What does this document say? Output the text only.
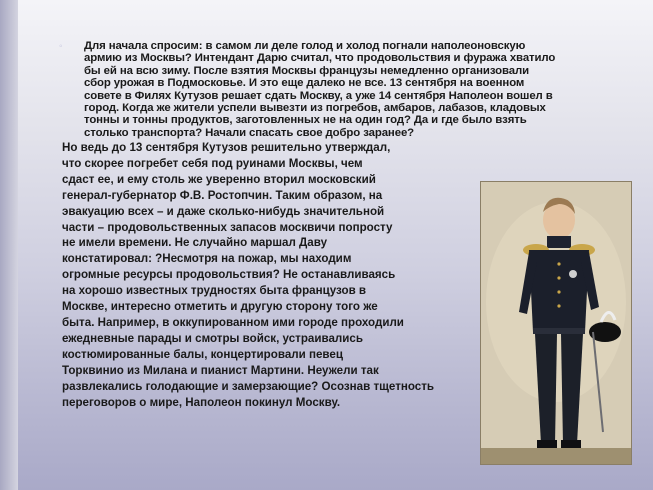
◦	Для начала спросим: в самом ли деле голод и холод погнали наполеоновскую
армию из Москвы? Интендант Дарю считал, что продовольствия и фуража хватило
бы ей на всю зиму. После взятия Москвы французы немедленно организовали
сбор урожая в Подмосковье. И это еще далеко не все. 13 сентября на военном
совете в Филях Кутузов решает сдать Москву, а уже 14 сентября Наполеон вошел в
город. Когда же жители успели вывезти из погребов, амбаров, лабазов, кладовых
тонны и тонны продуктов, заготовленных не на один год? Да и где было взять
столько транспорта? Начали спасать свое добро заранее?
Но ведь до 13 сентября Кутузов решительно утверждал,
что скорее погребет себя под руинами Москвы, чем
сдаст ее, и ему столь же уверенно вторил московский
генерал-губернатор Ф.В. Ростопчин. Таким образом, на
эвакуацию всех – и даже сколько-нибудь значительной
части – продовольственных запасов москвичи попросту
не имели времени. Не случайно маршал Даву
констатировал: ?Несмотря на пожар, мы находим
огромные ресурсы продовольствия? Не останавливаясь
на хорошо известных трудностях быта французов в
Москве, интересно отметить и другую сторону того же
быта. Например, в оккупированном ими городе проходили
ежедневные парады и смотры войск, устраивались
костюмированные балы, концертировали певец
Торквинио из Милана и пианист Мартини. Неужели так
развлекались голодающие и замерзающие? Осознав тщетность
переговоров о мире, Наполеон покинул Москву.
